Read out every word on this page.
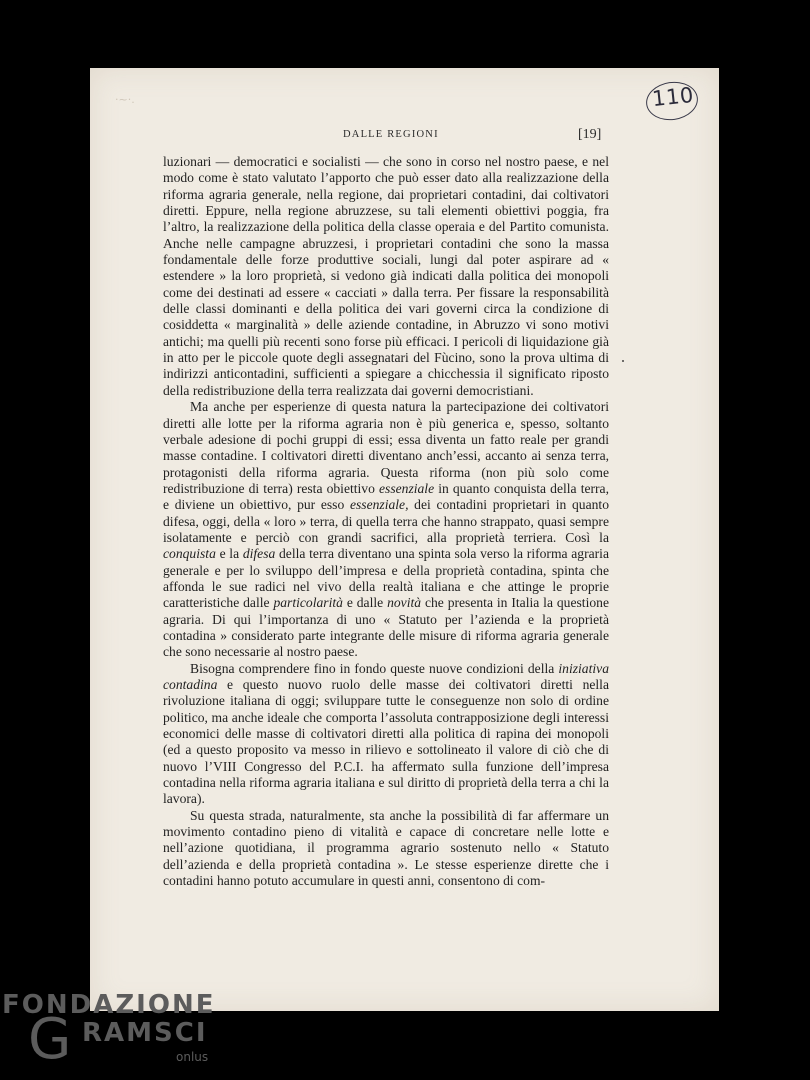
·~·.	110
DALLE REGIONI	[19]

luzionari — democratici e socialisti — che sono in corso nel nostro paese, e nel modo come è stato valutato l’apporto che può esser dato alla realizzazione della riforma agraria generale, nella regione, dai proprietari contadini, dai coltivatori diretti. Eppure, nella regione abruzzese, su tali elementi obiettivi poggia, fra l’altro, la realizzazione della politica della classe operaia e del Partito comunista. Anche nelle campagne abruzzesi, i proprietari contadini che sono la massa fondamentale delle forze produttive sociali, lungi dal poter aspirare ad « estendere » la loro proprietà, si vedono già indicati dalla politica dei monopoli come dei destinati ad essere « cacciati » dalla terra. Per fissare la responsabilità delle classi dominanti e della politica dei vari governi circa la condizione di cosiddetta « marginalità » delle aziende contadine, in Abruzzo vi sono motivi antichi; ma quelli più recenti sono forse più efficaci. I pericoli di liquidazione già in atto per le piccole quote degli assegnatari del Fùcino, sono la prova ultima di indirizzi anticontadini, sufficienti a spiegare a chicchessia il significato riposto della redistribuzione della terra realizzata dai governi democristiani.

Ma anche per esperienze di questa natura la partecipazione dei coltivatori diretti alle lotte per la riforma agraria non è più generica e, spesso, soltanto verbale adesione di pochi gruppi di essi; essa diventa un fatto reale per grandi masse contadine. I coltivatori diretti diventano anch’essi, accanto ai senza terra, protagonisti della riforma agraria. Questa riforma (non più solo come redistribuzione di terra) resta obiettivo essenziale in quanto conquista della terra, e diviene un obiettivo, pur esso essenziale, dei contadini proprietari in quanto difesa, oggi, della « loro » terra, di quella terra che hanno strappato, quasi sempre isolatamente e perciò con grandi sacrifici, alla proprietà terriera. Così la conquista e la difesa della terra diventano una spinta sola verso la riforma agraria generale e per lo sviluppo dell’impresa e della proprietà contadina, spinta che affonda le sue radici nel vivo della realtà italiana e che attinge le proprie caratteristiche dalle particolarità e dalle novità che presenta in Italia la questione agraria. Di qui l’importanza di uno « Statuto per l’azienda e la proprietà contadina » considerato parte integrante delle misure di riforma agraria generale che sono necessarie al nostro paese.

Bisogna comprendere fino in fondo queste nuove condizioni della iniziativa contadina e questo nuovo ruolo delle masse dei coltivatori diretti nella rivoluzione italiana di oggi; sviluppare tutte le conseguenze non solo di ordine politico, ma anche ideale che comporta l’assoluta contrapposizione degli interessi economici delle masse di coltivatori diretti alla politica di rapina dei monopoli (ed a questo proposito va messo in rilievo e sottolineato il valore di ciò che di nuovo l’VIII Congresso del P.C.I. ha affermato sulla funzione dell’impresa contadina nella riforma agraria italiana e sul diritto di proprietà della terra a chi la lavora).

Su questa strada, naturalmente, sta anche la possibilità di far affermare un movimento contadino pieno di vitalità e capace di concretare nelle lotte e nell’azione quotidiana, il programma agrario sostenuto nello « Statuto dell’azienda e della proprietà contadina ». Le stesse esperienze dirette che i contadini hanno potuto accumulare in questi anni, consentono di com-

FONDAZIONE
G RAMSCI
onlus
